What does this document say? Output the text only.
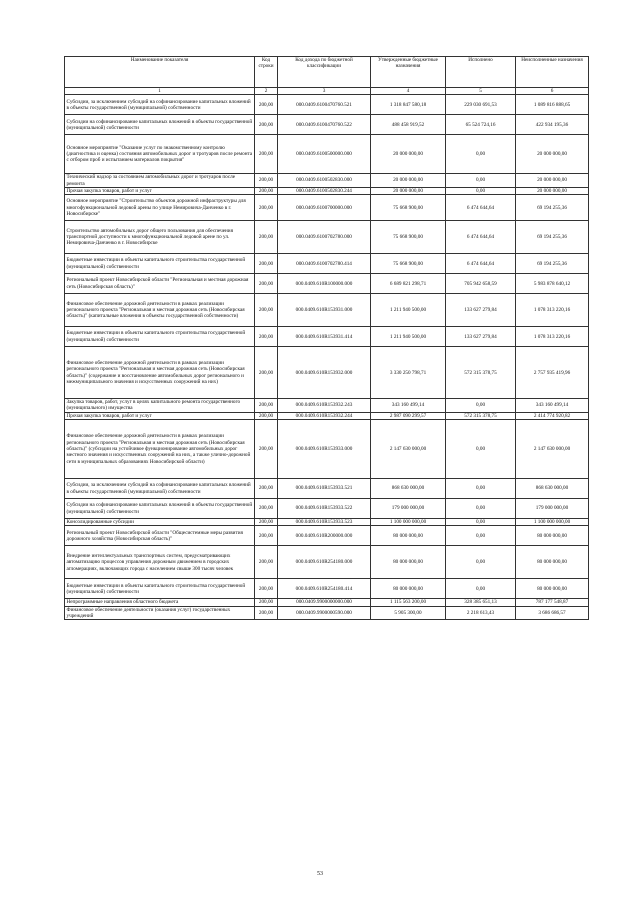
Наименование показателя	Код строки	Код дохода по бюджетной классификации	Утвержденные бюджетные назначения	Исполнено	Неисполненные назначения
1	2	3	4	5	6
Субсидии, за исключением субсидий на софинансирование капитальных вложений в объекты государственной (муниципальной) собственности	200,00	000.0409.6100470760.521	1 318 847 580,18	229 030 691,53	1 089 816 888,65
Субсидии на софинансирование капитальных вложений в объекты государственной (муниципальной) собственности	200,00	000.0409.6100470760.522	488 458 919,52	65 524 724,16	422 934 195,36
Основное мероприятие "Оказание услуг по знакомственному контролю (диагностика и оценка) состояния автомобильных дорог и тротуаров после ремонта с отбором проб и испытанием материалов покрытия"	200,00	000.0409.6100500000.000	20 000 000,00	0,00	20 000 000,00
Технический надзор за состоянием автомобильных дорог и тротуаров после ремонта	200,00	000.0409.6100502830.000	20 000 000,00	0,00	20 000 000,00
Прочая закупка товаров, работ и услуг	200,00	000.0409.6100502830.244	20 000 000,00	0,00	20 000 000,00
Основное мероприятие "Строительство объектов дорожной инфраструктуры для многофункциональной ледовой арены по улице Немировича-Данченко в г. Новосибирске"	200,00	000.0409.6100700000.000	75 668 900,00	6 474 644,64	69 194 255,36
Строительство автомобильных дорог общего пользования для обеспечения транспортной доступности к многофункциональной ледовой арене по ул. Немировича-Данченко в г. Новосибирске	200,00	000.0409.6100702780.000	75 668 900,00	6 474 644,64	69 194 255,36
Бюджетные инвестиции в объекты капитального строительства государственной (муниципальной) собственности	200,00	000.0409.6100702780.414	75 668 900,00	6 474 644,64	69 194 255,36
Региональный проект Новосибирской области "Региональная и местная дорожная сеть (Новосибирская область)"	200,00	000.0409.610R100000.000	6 689 821 298,71	705 942 658,59	5 983 878 640,12
Финансовое обеспечение дорожной деятельности в рамках реализации регионального проекта "Региональная и местная дорожная сеть (Новосибирская область)" (капитальные вложения в объекты государственной собственности)	200,00	000.0409.610R153931.000	1 211 940 500,00	133 627 279,84	1 078 313 220,16
Бюджетные инвестиции в объекты капитального строительства государственной (муниципальной) собственности	200,00	000.0409.610R153931.414	1 211 940 500,00	133 627 279,84	1 078 313 220,16
Финансовое обеспечение дорожной деятельности в рамках реализации регионального проекта "Региональная и местная дорожная сеть (Новосибирская область)" (содержание и восстановление автомобильных дорог регионального и межмуниципального значения и искусственных сооружений на них)	200,00	000.0409.610R153932.000	3 330 250 798,71	572 315 378,75	2 757 935 419,96
Закупка товаров, работ, услуг в целях капитального ремонта государственного (муниципального) имущества	200,00	000.0409.610R153932.243	343 160 499,14	0,00	343 160 499,14
Прочая закупка товаров, работ и услуг	200,00	000.0409.610R153932.244	2 987 090 299,57	572 315 378,75	2 414 774 920,82
Финансовое обеспечение дорожной деятельности в рамках реализации регионального проекта "Региональная и местная дорожная сеть (Новосибирская область)" (субсидии на устойчивое функционирование автомобильных дорог местного значения и искусственных сооружений на них, а также улично-дорожной сети в муниципальных образованиях Новосибирской области)	200,00	000.0409.610R153933.000	2 147 630 000,00	0,00	2 147 630 000,00
Субсидии, за исключением субсидий на софинансирование капитальных вложений в объекты государственной (муниципальной) собственности	200,00	000.0409.610R153933.521	868 630 000,00	0,00	868 630 000,00
Субсидии на софинансирование капитальных вложений в объекты государственной (муниципальной) собственности	200,00	000.0409.610R153933.522	179 000 000,00	0,00	179 000 000,00
Консолидированные субсидии	200,00	000.0409.610R153933.523	1 100 000 000,00	0,00	1 100 000 000,00
Региональный проект Новосибирской области "Общесистемные меры развития дорожного хозяйства (Новосибирская область)"	200,00	000.0409.610R200000.000	80 000 000,00	0,00	80 000 000,00
Внедрение интеллектуальных транспортных систем, предусматривающих автоматизацию процессов управления дорожным движением в городских агломерациях, включающих города с населением свыше 300 тысяч человек	200,00	000.0409.610R254180.000	80 000 000,00	0,00	80 000 000,00
Бюджетные инвестиции в объекты капитального строительства государственной (муниципальной) собственности	200,00	000.0409.610R254180.414	80 000 000,00	0,00	80 000 000,00
Непрограммные направления областного бюджета	200,00	000.0409.9900000000.000	1 115 563 200,00	328 385 651,13	787 177 548,87
Финансовое обеспечение деятельности (оказания услуг) государственных учреждений	200,00	000.0409.9900000590.000	5 905 300,00	2 218 613,43	3 686 686,57
53
